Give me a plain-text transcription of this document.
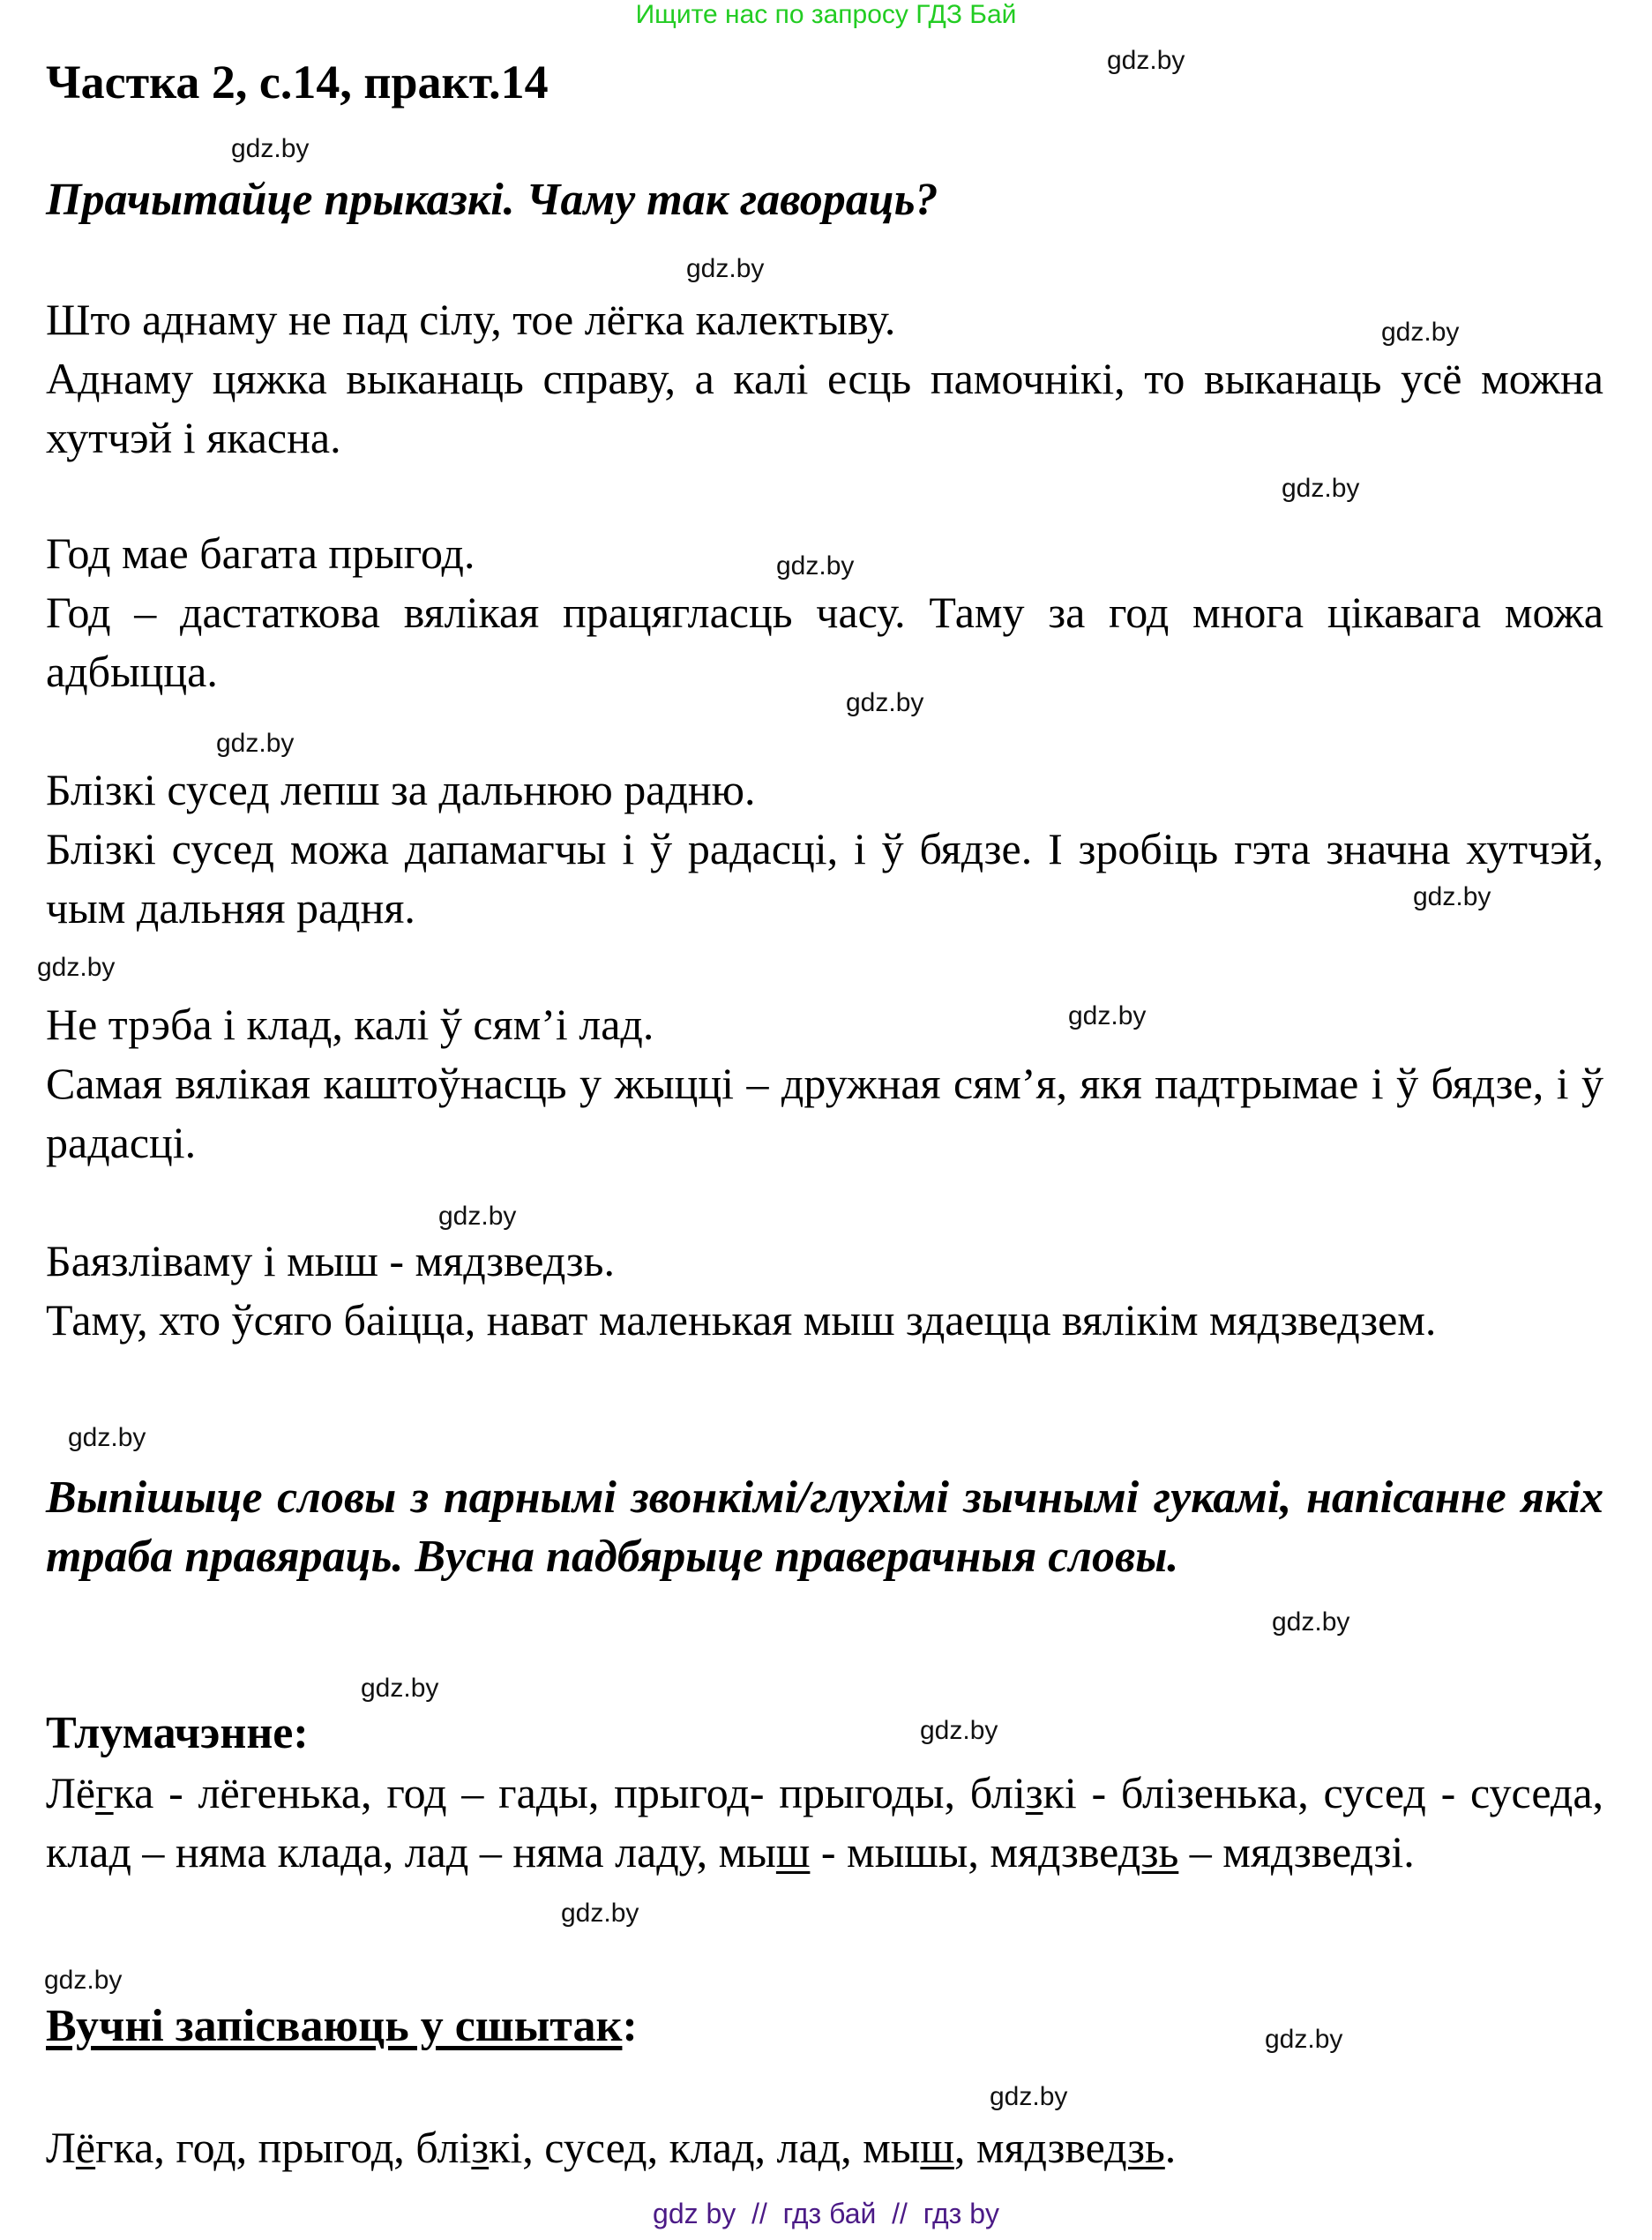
Ищите нас по запросу ГДЗ Бай
Частка 2, с.14, практ.14
Прачытайце прыказкі. Чаму так гавораць?

Што аднаму не пад сілу, тое лёгка калектыву.

Аднаму цяжка выканаць справу, а калі есць памочнікі, то выканаць усё можна хутчэй і якасна.

Год мае багата прыгод.

Год – дастаткова вялікая працягласць часу. Таму за год многа цікавага можа адбыцца.

Блізкі сусед лепш за дальнюю радню.

Блізкі сусед можа дапамагчы і ў радасці, і ў бядзе. І зробіць гэта значна хутчэй, чым дальняя радня.

Не трэба і клад, калі ў сям’і лад.

Самая вялікая каштоўнасць у жыцці – дружная сям’я, якя падтрымае і ў бядзе, і ў радасці.

Баязліваму і мыш - мядзведзь.

Таму, хто ўсяго баіцца, нават маленькая мыш здаецца вялікім мядзведзем.

Выпішыце словы з парнымі звонкімі/глухімі зычнымі гукамі, напісанне якіх траба правяраць. Вусна падбярыце праверачныя словы.
Тлумачэнне:

Лёгка - лёгенька, год – гады, прыгод- прыгоды, блізкі - блізенька, сусед - суседа, клад – няма клада, лад – няма ладу, мыш - мышы, мядзведзь – мядзведзі.

Вучні запісваюць у сшытак:
Лёгка, год, прыгод, блізкі, сусед, клад, лад, мыш, мядзведзь.
gdz.by
gdz.by
gdz.by
gdz.by
gdz.by
gdz.by
gdz.by
gdz.by
gdz.by
gdz.by
gdz.by
gdz.by
gdz.by
gdz.by
gdz.by
gdz.by
gdz.by
gdz.by
gdz.by
gdz.by
gdz by  //  гдз бай  //  гдз by
